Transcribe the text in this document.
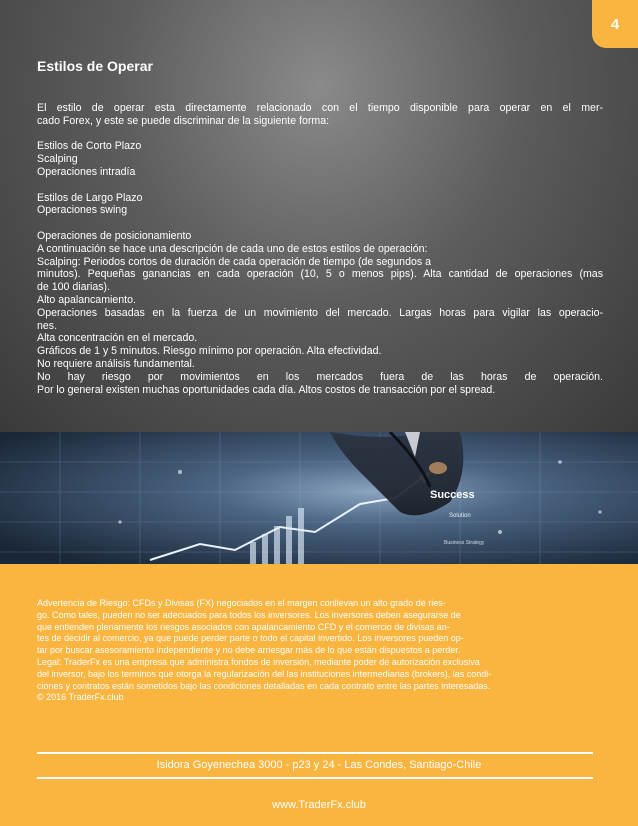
4
Estilos de Operar

El estilo de operar esta directamente relacionado con el tiempo disponible para operar en el mer-

cado Forex, y este se puede discriminar de la siguiente forma:

Estilos de Corto Plazo

Scalping

Operaciones intradía

Estilos de Largo Plazo

Operaciones swing

Operaciones de posicionamiento

A continuación se hace una descripción de cada uno de estos estilos de operación:

Scalping: Periodos cortos de duración de cada operación de tiempo (de segundos a

minutos). Pequeñas ganancias en cada operación (10, 5 o menos pips). Alta cantidad de operaciones (mas

de 100 diarias).

Alto apalancamiento.

Operaciones basadas en la fuerza de un movimiento del mercado. Largas horas para vigilar las operacio-

nes.

Alta concentración en el mercado.

Gráficos de 1 y 5 minutos. Riesgo mínimo por operación. Alta efectividad.

No requiere análisis fundamental.

No hay riesgo por movimientos en los mercados fuera de las horas de operación.

Por lo general existen muchas oportunidades cada día. Altos costos de transacción por el spread.

Success
Solution
Business Strategy

Advertencia de Riesgo: CFDs y Divisas (FX) negociados en el margen conllevan un alto grado de ries-

go. Como tales, pueden no ser adecuados para todos los inversores. Los inversores deben asegurarse de

que entienden plenamente los riesgos asociados con apalancamiento CFD y el comercio de divisas an-

tes de decidir al comercio, ya que puede perder parte o todo el capital invertido. Los inversores pueden op-

tar por buscar asesoramiento independiente y no debe arriesgar más de lo que están dispuestos a perder.

Legal: TraderFx es una empresa que administra fondos de inversión, mediante poder de autorización exclusiva

del inversor, bajo los terminos que otorga la regularización del las instituciones intermediarias (brokers), las condi-

ciones y contratos están sometidos bajo las condiciones detalladas en cada contrato entre las partes interesadas.

© 2016 TraderFx.club

Isidora Goyenechea 3000 - p23 y 24 - Las Condes, Santiago-Chile
www.TraderFx.club
